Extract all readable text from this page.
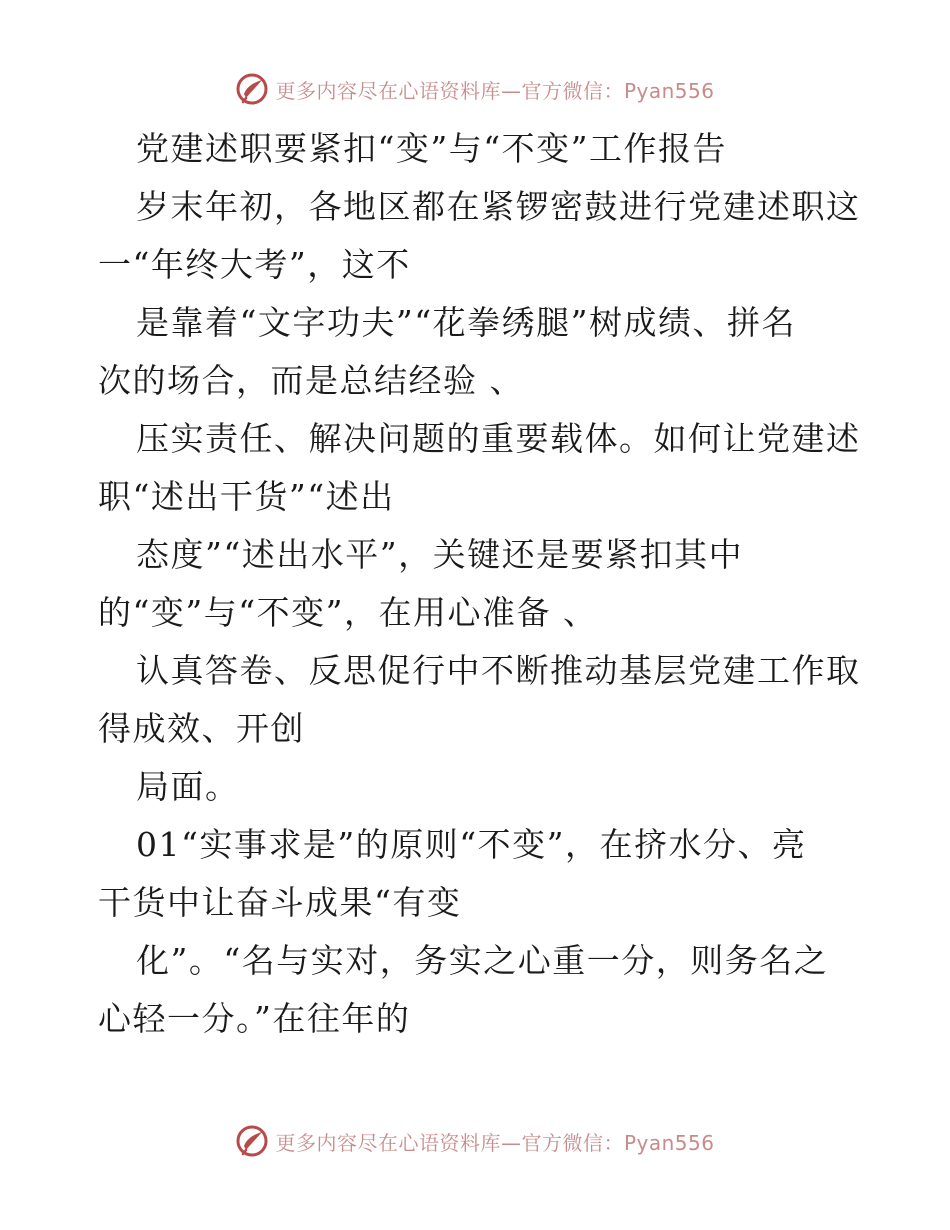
更多内容尽在心语资料库—官方微信：Pyan556
党建述职要紧扣“变”与“不变”工作报告
岁末年初，各地区都在紧锣密鼓进行党建述职这
一“年终大考”，这不
是靠着“文字功夫”“花拳绣腿”树成绩、拼名
次的场合，而是总结经验 、
压实责任、解决问题的重要载体。如何让党建述
职“述出干货”“述出
态度”“述出水平”，关键还是要紧扣其中
的“变”与“不变”，在用心准备 、
认真答卷、反思促行中不断推动基层党建工作取
得成效、开创
局面。
01“实事求是”的原则“不变”，在挤水分、亮
干货中让奋斗成果“有变
化”。“名与实对，务实之心重一分，则务名之
心轻一分。”在往年的
更多内容尽在心语资料库—官方微信：Pyan556
